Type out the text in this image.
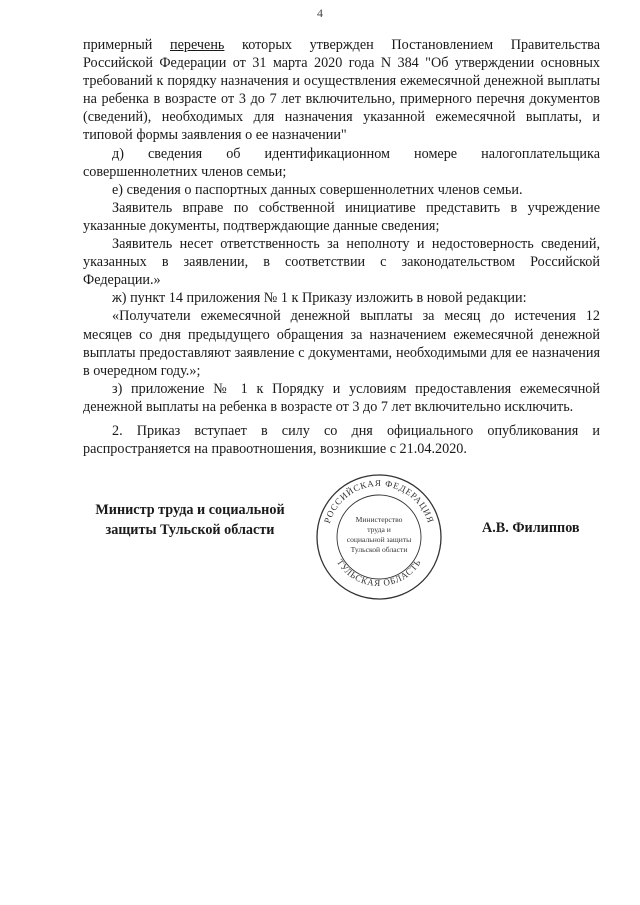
4

примерный перечень которых утвержден Постановлением Правительства Российской Федерации от 31 марта 2020 года N 384 "Об утверждении основных требований к порядку назначения и осуществления ежемесячной денежной выплаты на ребенка в возрасте от 3 до 7 лет включительно, примерного перечня документов (сведений), необходимых для назначения указанной ежемесячной выплаты, и типовой формы заявления о ее назначении"

д) сведения об идентификационном номере налогоплательщика совершеннолетних членов семьи;

е) сведения о паспортных данных совершеннолетних членов семьи.

Заявитель вправе по собственной инициативе представить в учреждение указанные документы, подтверждающие данные сведения;

Заявитель несет ответственность за неполноту и недостоверность сведений, указанных в заявлении, в соответствии с законодательством Российской Федерации.»

ж) пункт 14 приложения № 1 к Приказу изложить в новой редакции:

«Получатели ежемесячной денежной выплаты за месяц до истечения 12 месяцев со дня предыдущего обращения за назначением ежемесячной денежной выплаты предоставляют заявление с документами, необходимыми для ее назначения в очередном году.»;

з) приложение № 1 к Порядку и условиям предоставления ежемесячной денежной выплаты на ребенка в возрасте от 3 до 7 лет включительно исключить.

2. Приказ вступает в силу со дня официального опубликования и распространяется на правоотношения, возникшие с 21.04.2020.

Министр труда и социальной
защиты Тульской области
РОССИЙСКАЯ ФЕДЕРАЦИЯ
ТУЛЬСКАЯ ОБЛАСТЬ
Министерство
труда и
социальной защиты
Тульской области
А.В. Филиппов
